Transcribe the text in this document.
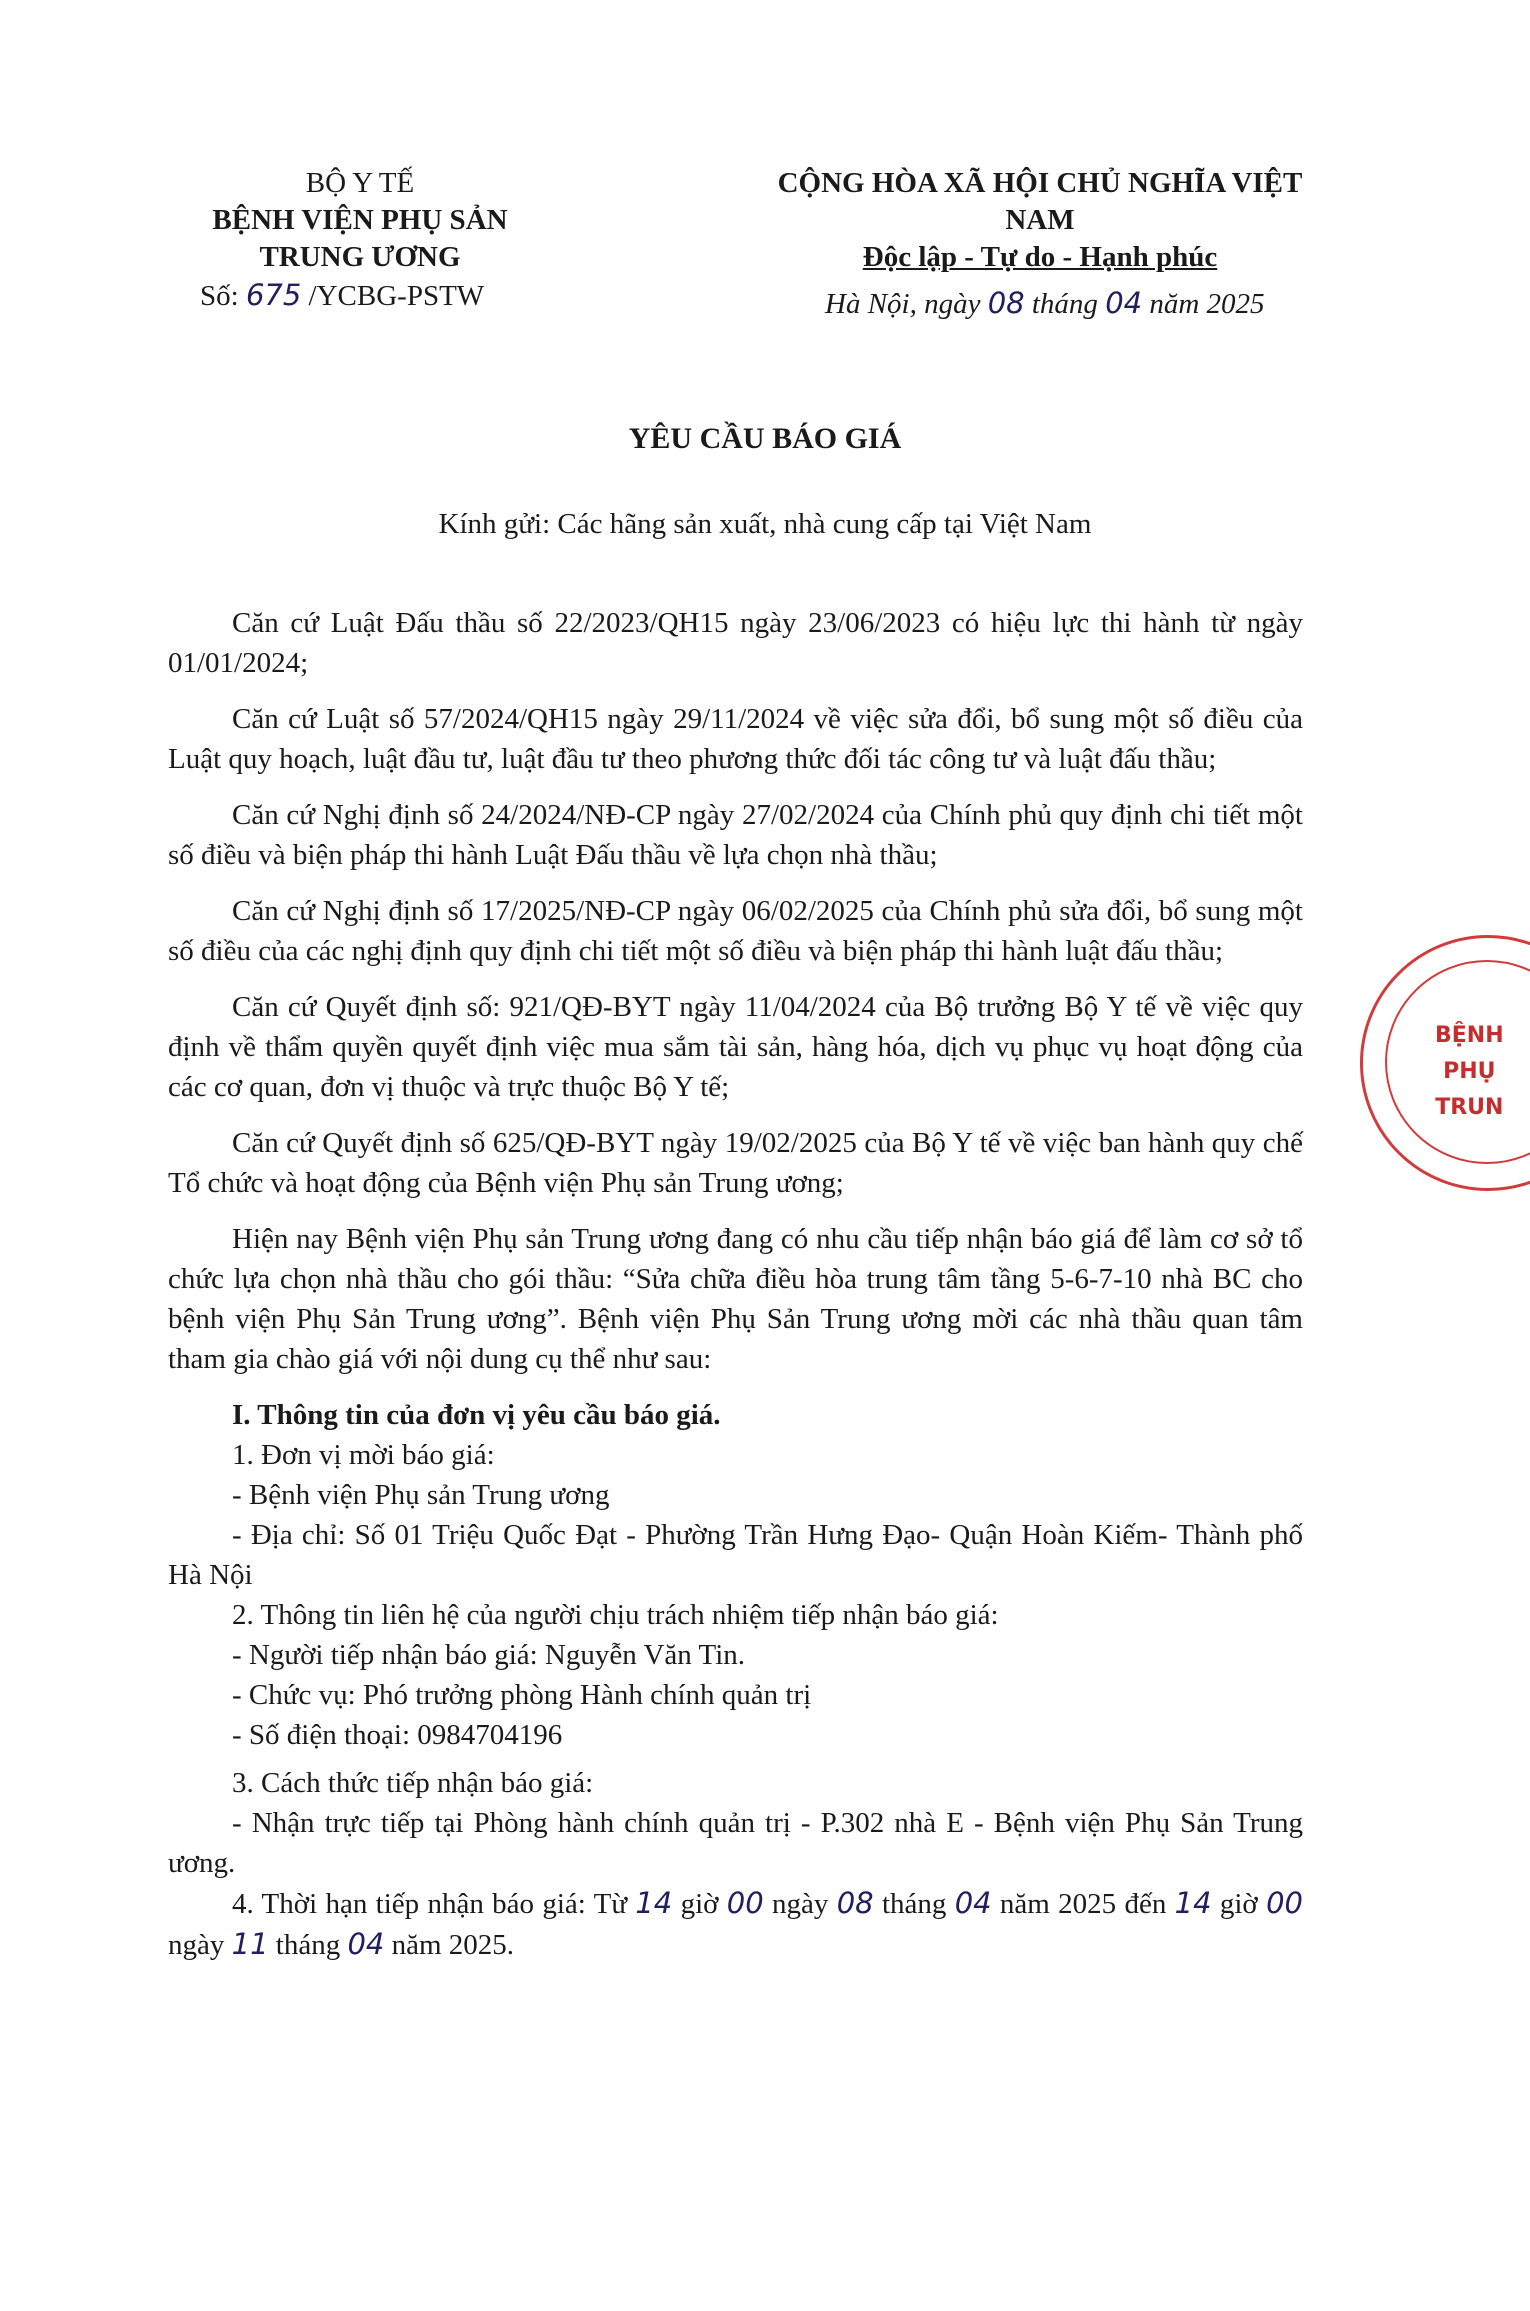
BỘ Y TẾ
BỆNH VIỆN PHỤ SẢN
TRUNG ƯƠNG
Số: 675 /YCBG-PSTW
CỘNG HÒA XÃ HỘI CHỦ NGHĨA VIỆT NAM
Độc lập - Tự do - Hạnh phúc
Hà Nội, ngày 08 tháng 04 năm 2025
YÊU CẦU BÁO GIÁ
Kính gửi: Các hãng sản xuất, nhà cung cấp tại Việt Nam

Căn cứ Luật Đấu thầu số 22/2023/QH15 ngày 23/06/2023 có hiệu lực thi hành từ ngày 01/01/2024;

Căn cứ Luật số 57/2024/QH15 ngày 29/11/2024 về việc sửa đổi, bổ sung một số điều của Luật quy hoạch, luật đầu tư, luật đầu tư theo phương thức đối tác công tư và luật đấu thầu;

Căn cứ Nghị định số 24/2024/NĐ-CP ngày 27/02/2024 của Chính phủ quy định chi tiết một số điều và biện pháp thi hành Luật Đấu thầu về lựa chọn nhà thầu;

Căn cứ Nghị định số 17/2025/NĐ-CP ngày 06/02/2025 của Chính phủ sửa đổi, bổ sung một số điều của các nghị định quy định chi tiết một số điều và biện pháp thi hành luật đấu thầu;

Căn cứ Quyết định số: 921/QĐ-BYT ngày 11/04/2024 của Bộ trưởng Bộ Y tế về việc quy định về thẩm quyền quyết định việc mua sắm tài sản, hàng hóa, dịch vụ phục vụ hoạt động của các cơ quan, đơn vị thuộc và trực thuộc Bộ Y tế;

Căn cứ Quyết định số 625/QĐ-BYT ngày 19/02/2025 của Bộ Y tế về việc ban hành quy chế Tổ chức và hoạt động của Bệnh viện Phụ sản Trung ương;

Hiện nay Bệnh viện Phụ sản Trung ương đang có nhu cầu tiếp nhận báo giá để làm cơ sở tổ chức lựa chọn nhà thầu cho gói thầu: “Sửa chữa điều hòa trung tâm tầng 5-6-7-10 nhà BC cho bệnh viện Phụ Sản Trung ương”. Bệnh viện Phụ Sản Trung ương mời các nhà thầu quan tâm tham gia chào giá với nội dung cụ thể như sau:

I. Thông tin của đơn vị yêu cầu báo giá.

1. Đơn vị mời báo giá:

- Bệnh viện Phụ sản Trung ương

- Địa chỉ: Số 01 Triệu Quốc Đạt - Phường Trần Hưng Đạo- Quận Hoàn Kiếm- Thành phố Hà Nội

2. Thông tin liên hệ của người chịu trách nhiệm tiếp nhận báo giá:

- Người tiếp nhận báo giá: Nguyễn Văn Tin.

- Chức vụ: Phó trưởng phòng Hành chính quản trị

- Số điện thoại: 0984704196

3. Cách thức tiếp nhận báo giá:

- Nhận trực tiếp tại Phòng hành chính quản trị - P.302 nhà E - Bệnh viện Phụ Sản Trung ương.

4. Thời hạn tiếp nhận báo giá: Từ 14 giờ 00 ngày 08 tháng 04 năm 2025 đến 14 giờ 00 ngày 11 tháng 04 năm 2025.

BỆNH
PHỤ
TRUN
